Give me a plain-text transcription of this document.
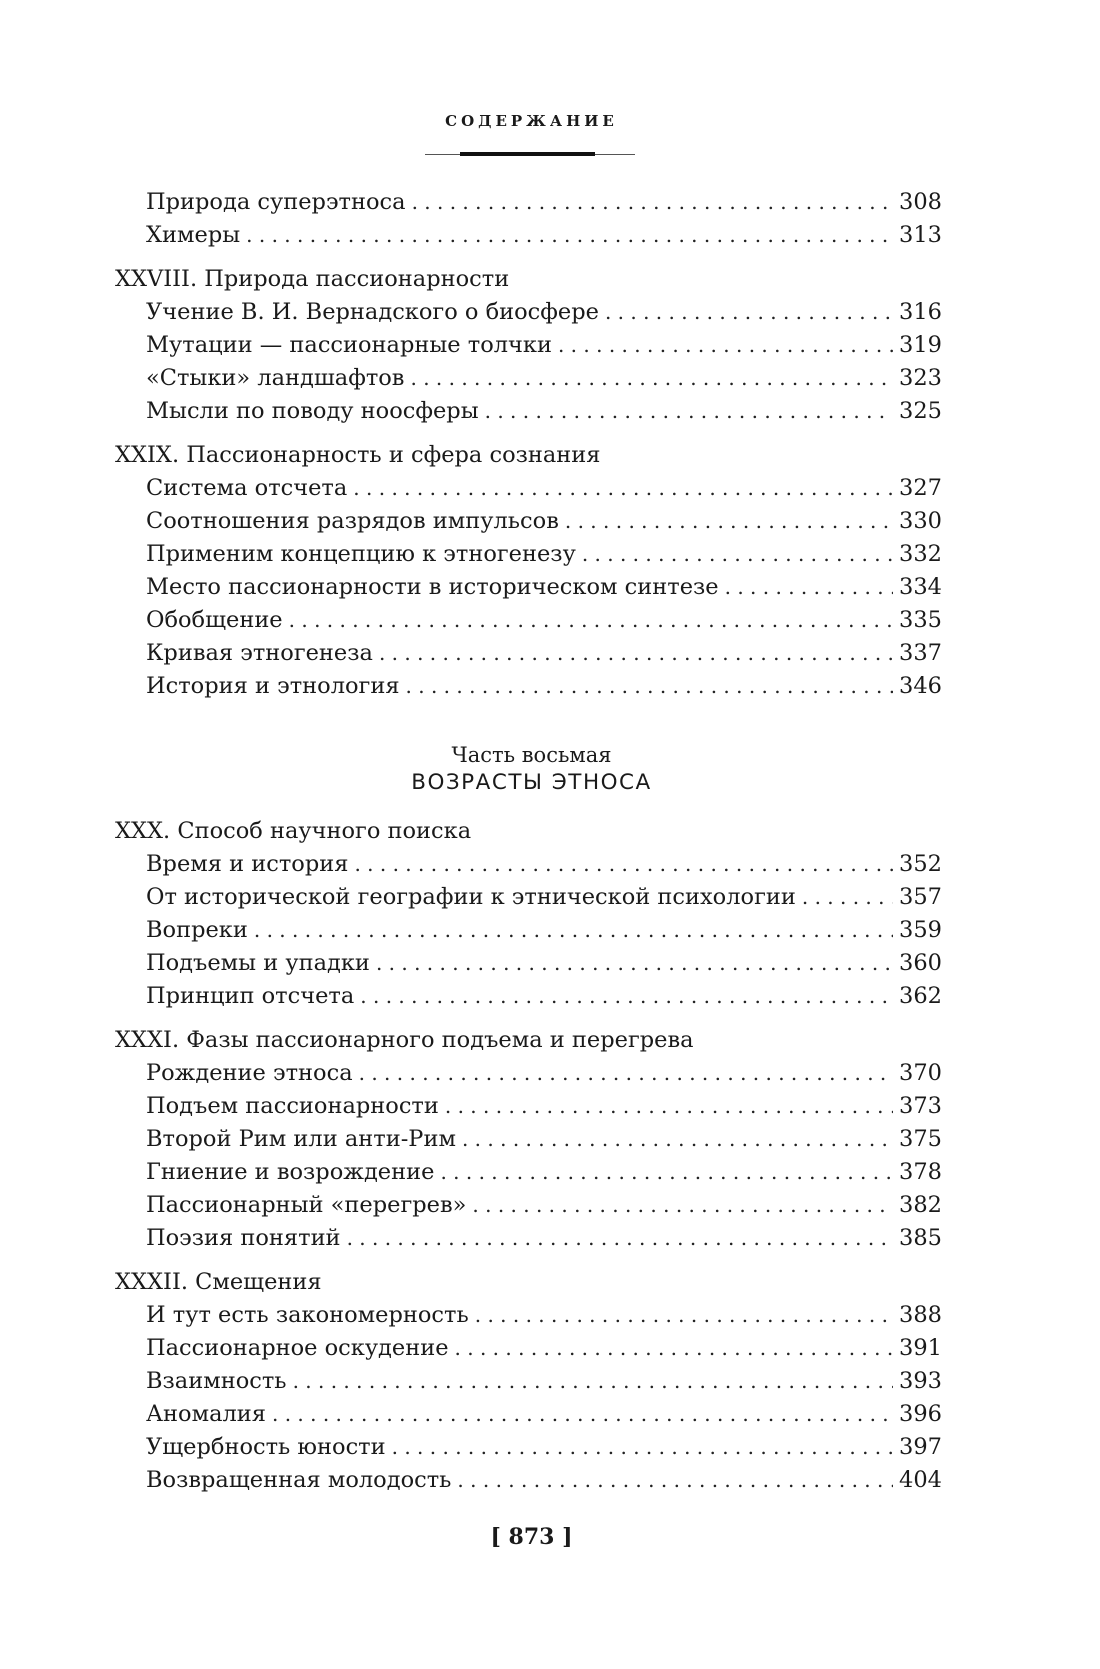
СОДЕРЖАНИЕ
Природа суперэтноса . . .	308
Химеры . . .	313
XXVIII. Природа пассионарности
Учение В. И. Вернадского о биосфере . . .	316
Мутации — пассионарные толчки . . .	319
«Стыки» ландшафтов . . .	323
Мысли по поводу ноосферы . . .	325
XXIX. Пассионарность и сфера сознания
Система отсчета . . .	327
Соотношения разрядов импульсов . . .	330
Применим концепцию к этногенезу . . .	332
Место пассионарности в историческом синтезе . . .	334
Обобщение . . .	335
Кривая этногенеза . . .	337
История и этнология . . .	346
Часть восьмая
ВОЗРАСТЫ ЭТНОСА
XXX. Способ научного поиска
Время и история . . .	352
От исторической географии к этнической психологии . . .	357
Вопреки . . .	359
Подъемы и упадки . . .	360
Принцип отсчета . . .	362
XXXI. Фазы пассионарного подъема и перегрева
Рождение этноса . . .	370
Подъем пассионарности . . .	373
Второй Рим или анти-Рим . . .	375
Гниение и возрождение . . .	378
Пассионарный «перегрев» . . .	382
Поэзия понятий . . .	385
XXXII. Смещения
И тут есть закономерность . . .	388
Пассионарное оскудение . . .	391
Взаимность . . .	393
Аномалия . . .	396
Ущербность юности . . .	397
Возвращенная молодость . . .	404
[ 873 ]
